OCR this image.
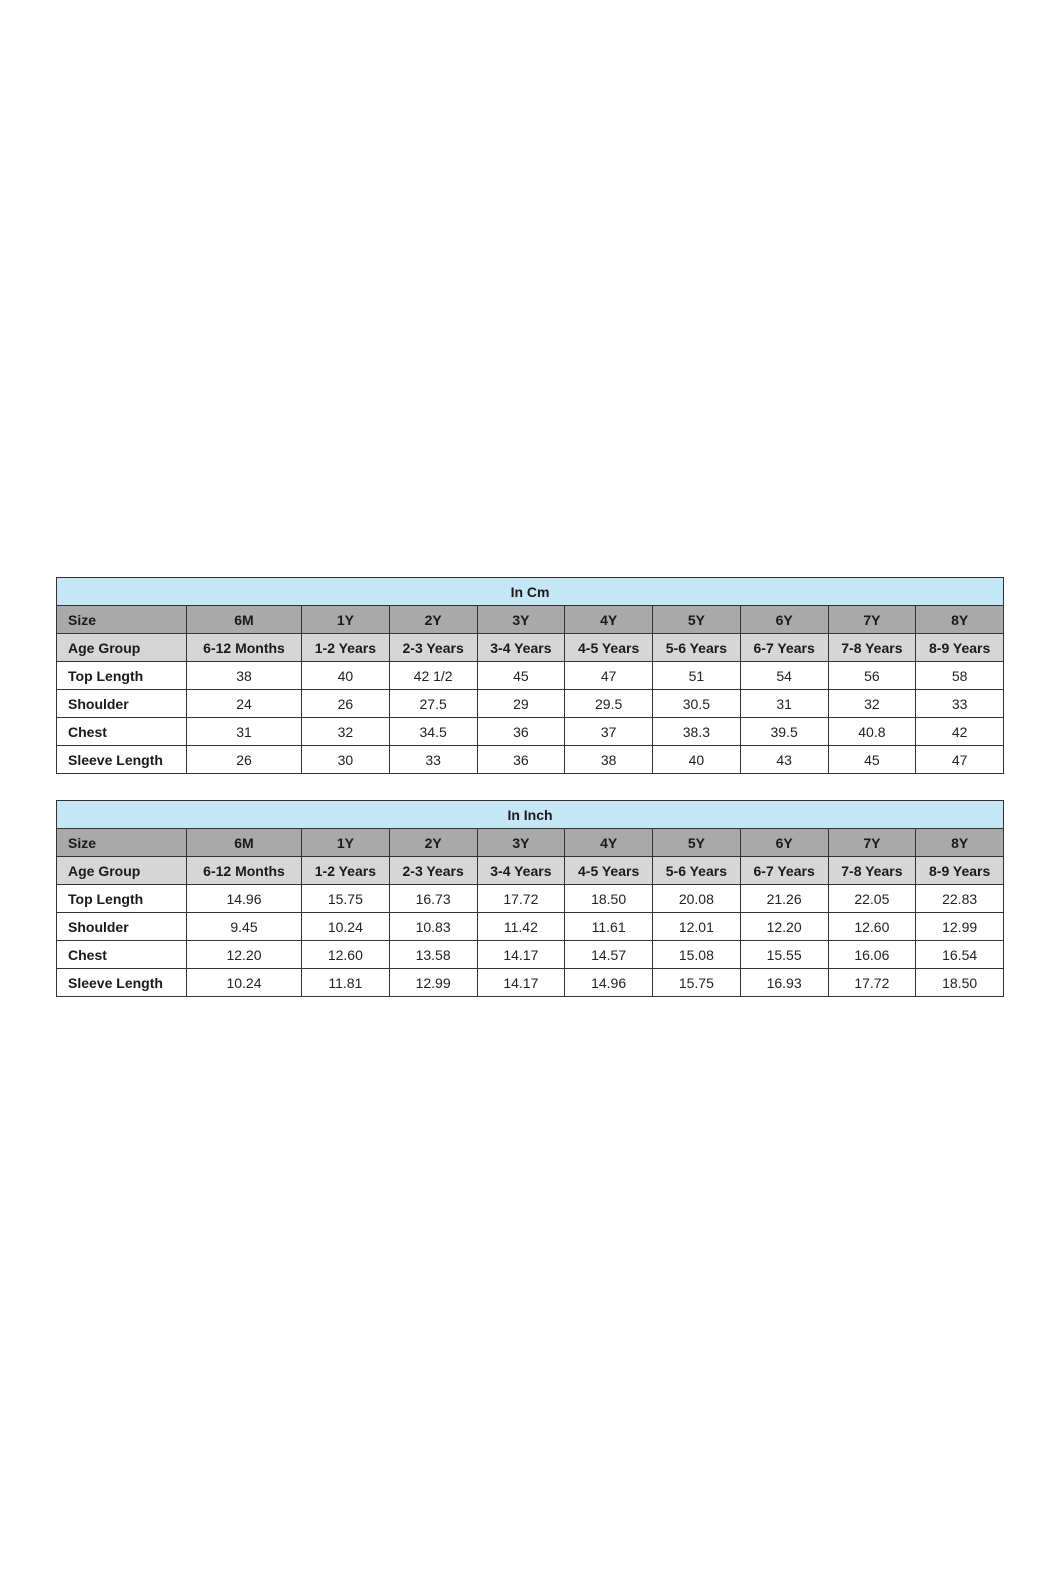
In Cm									
Size	6M	1Y	2Y	3Y	4Y	5Y	6Y	7Y	8Y
Age Group	6-12 Months	1-2 Years	2-3 Years	3-4 Years	4-5 Years	5-6 Years	6-7 Years	7-8 Years	8-9 Years
Top Length	38	40	42 1/2	45	47	51	54	56	58
Shoulder	24	26	27.5	29	29.5	30.5	31	32	33
Chest	31	32	34.5	36	37	38.3	39.5	40.8	42
Sleeve Length	26	30	33	36	38	40	43	45	47
In Inch									
Size	6M	1Y	2Y	3Y	4Y	5Y	6Y	7Y	8Y
Age Group	6-12 Months	1-2 Years	2-3 Years	3-4 Years	4-5 Years	5-6 Years	6-7 Years	7-8 Years	8-9 Years
Top Length	14.96	15.75	16.73	17.72	18.50	20.08	21.26	22.05	22.83
Shoulder	9.45	10.24	10.83	11.42	11.61	12.01	12.20	12.60	12.99
Chest	12.20	12.60	13.58	14.17	14.57	15.08	15.55	16.06	16.54
Sleeve Length	10.24	11.81	12.99	14.17	14.96	15.75	16.93	17.72	18.50
